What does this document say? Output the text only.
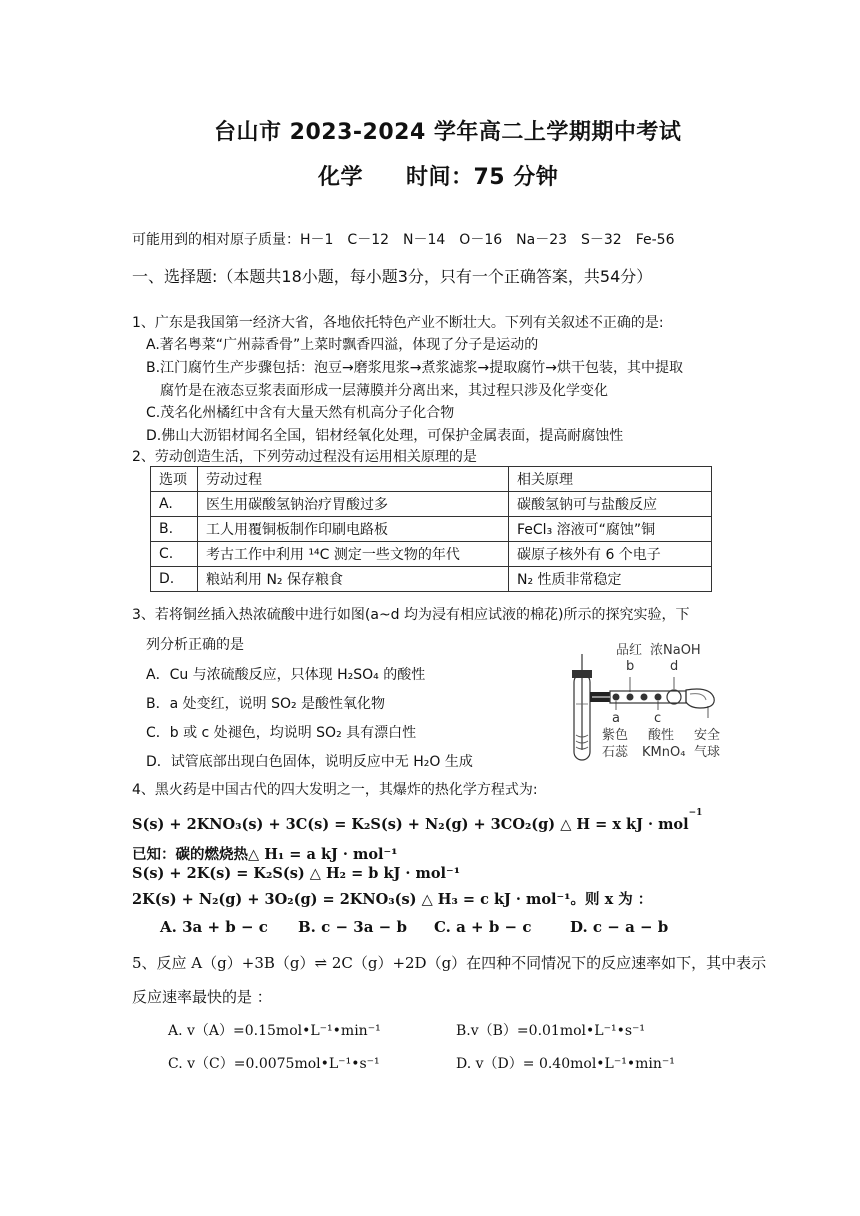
台山市 2023-2024 学年高二上学期期中考试
化学 时间：75 分钟
可能用到的相对原子质量：H－1　C－12　N－14　O－16　Na－23　S－32　Fe-56
一、选择题:（本题共18小题，每小题3分，只有一个正确答案，共54分）
1、广东是我国第一经济大省，各地依托特色产业不断壮大。下列有关叙述不正确的是:
A.著名粤菜“广州蒜香骨”上菜时飘香四溢，体现了分子是运动的
B.江门腐竹生产步骤包括：泡豆→磨浆甩浆→煮浆滤浆→提取腐竹→烘干包装，其中提取
腐竹是在液态豆浆表面形成一层薄膜并分离出来，其过程只涉及化学变化
C.茂名化州橘红中含有大量天然有机高分子化合物
D.佛山大沥铝材闻名全国，铝材经氧化处理，可保护金属表面，提高耐腐蚀性
2、劳动创造生活，下列劳动过程没有运用相关原理的是
选项	劳动过程	相关原理
A.	医生用碳酸氢钠治疗胃酸过多	碳酸氢钠可与盐酸反应
B.	工人用覆铜板制作印刷电路板	FeCl₃ 溶液可“腐蚀”铜
C.	考古工作中利用 ¹⁴C 测定一些文物的年代	碳原子核外有 6 个电子
D.	粮站利用 N₂ 保存粮食	N₂ 性质非常稳定
3、若将铜丝插入热浓硫酸中进行如图(a~d 均为浸有相应试液的棉花)所示的探究实验，下
列分析正确的是
A．Cu 与浓硫酸反应，只体现 H₂SO₄ 的酸性
B．a 处变红，说明 SO₂ 是酸性氧化物
C．b 或 c 处褪色，均说明 SO₂ 具有漂白性
D．试管底部出现白色固体，说明反应中无 H₂O 生成
品红 浓NaOH
b	d
a	c
紫色
石蕊
酸性
KMnO₄
安全
气球
4、黑火药是中国古代的四大发明之一，其爆炸的热化学方程式为:
S(s) + 2KNO₃(s) + 3C(s) = K₂S(s) + N₂(g) + 3CO₂(g) △ H = x kJ · mol$^{-1}$
已知：碳的燃烧热△ H₁ = a kJ · mol⁻¹
S(s) + 2K(s) = K₂S(s) △ H₂ = b kJ · mol⁻¹
2K(s) + N₂(g) + 3O₂(g) = 2KNO₃(s) △ H₃ = c kJ · mol⁻¹。则 x 为 ：
A. 3a + b − c B. c − 3a − b C. a + b − c	D. c − a − b
5、反应 A（g）+3B（g）⇌ 2C（g）+2D（g）在四种不同情况下的反应速率如下，其中表示
反应速率最快的是 ：
A. v（A）=0.15mol•L⁻¹•min⁻¹	B.v（B）=0.01mol•L⁻¹•s⁻¹
C. v（C）=0.0075mol•L⁻¹•s⁻¹	D. v（D）= 0.40mol•L⁻¹•min⁻¹
